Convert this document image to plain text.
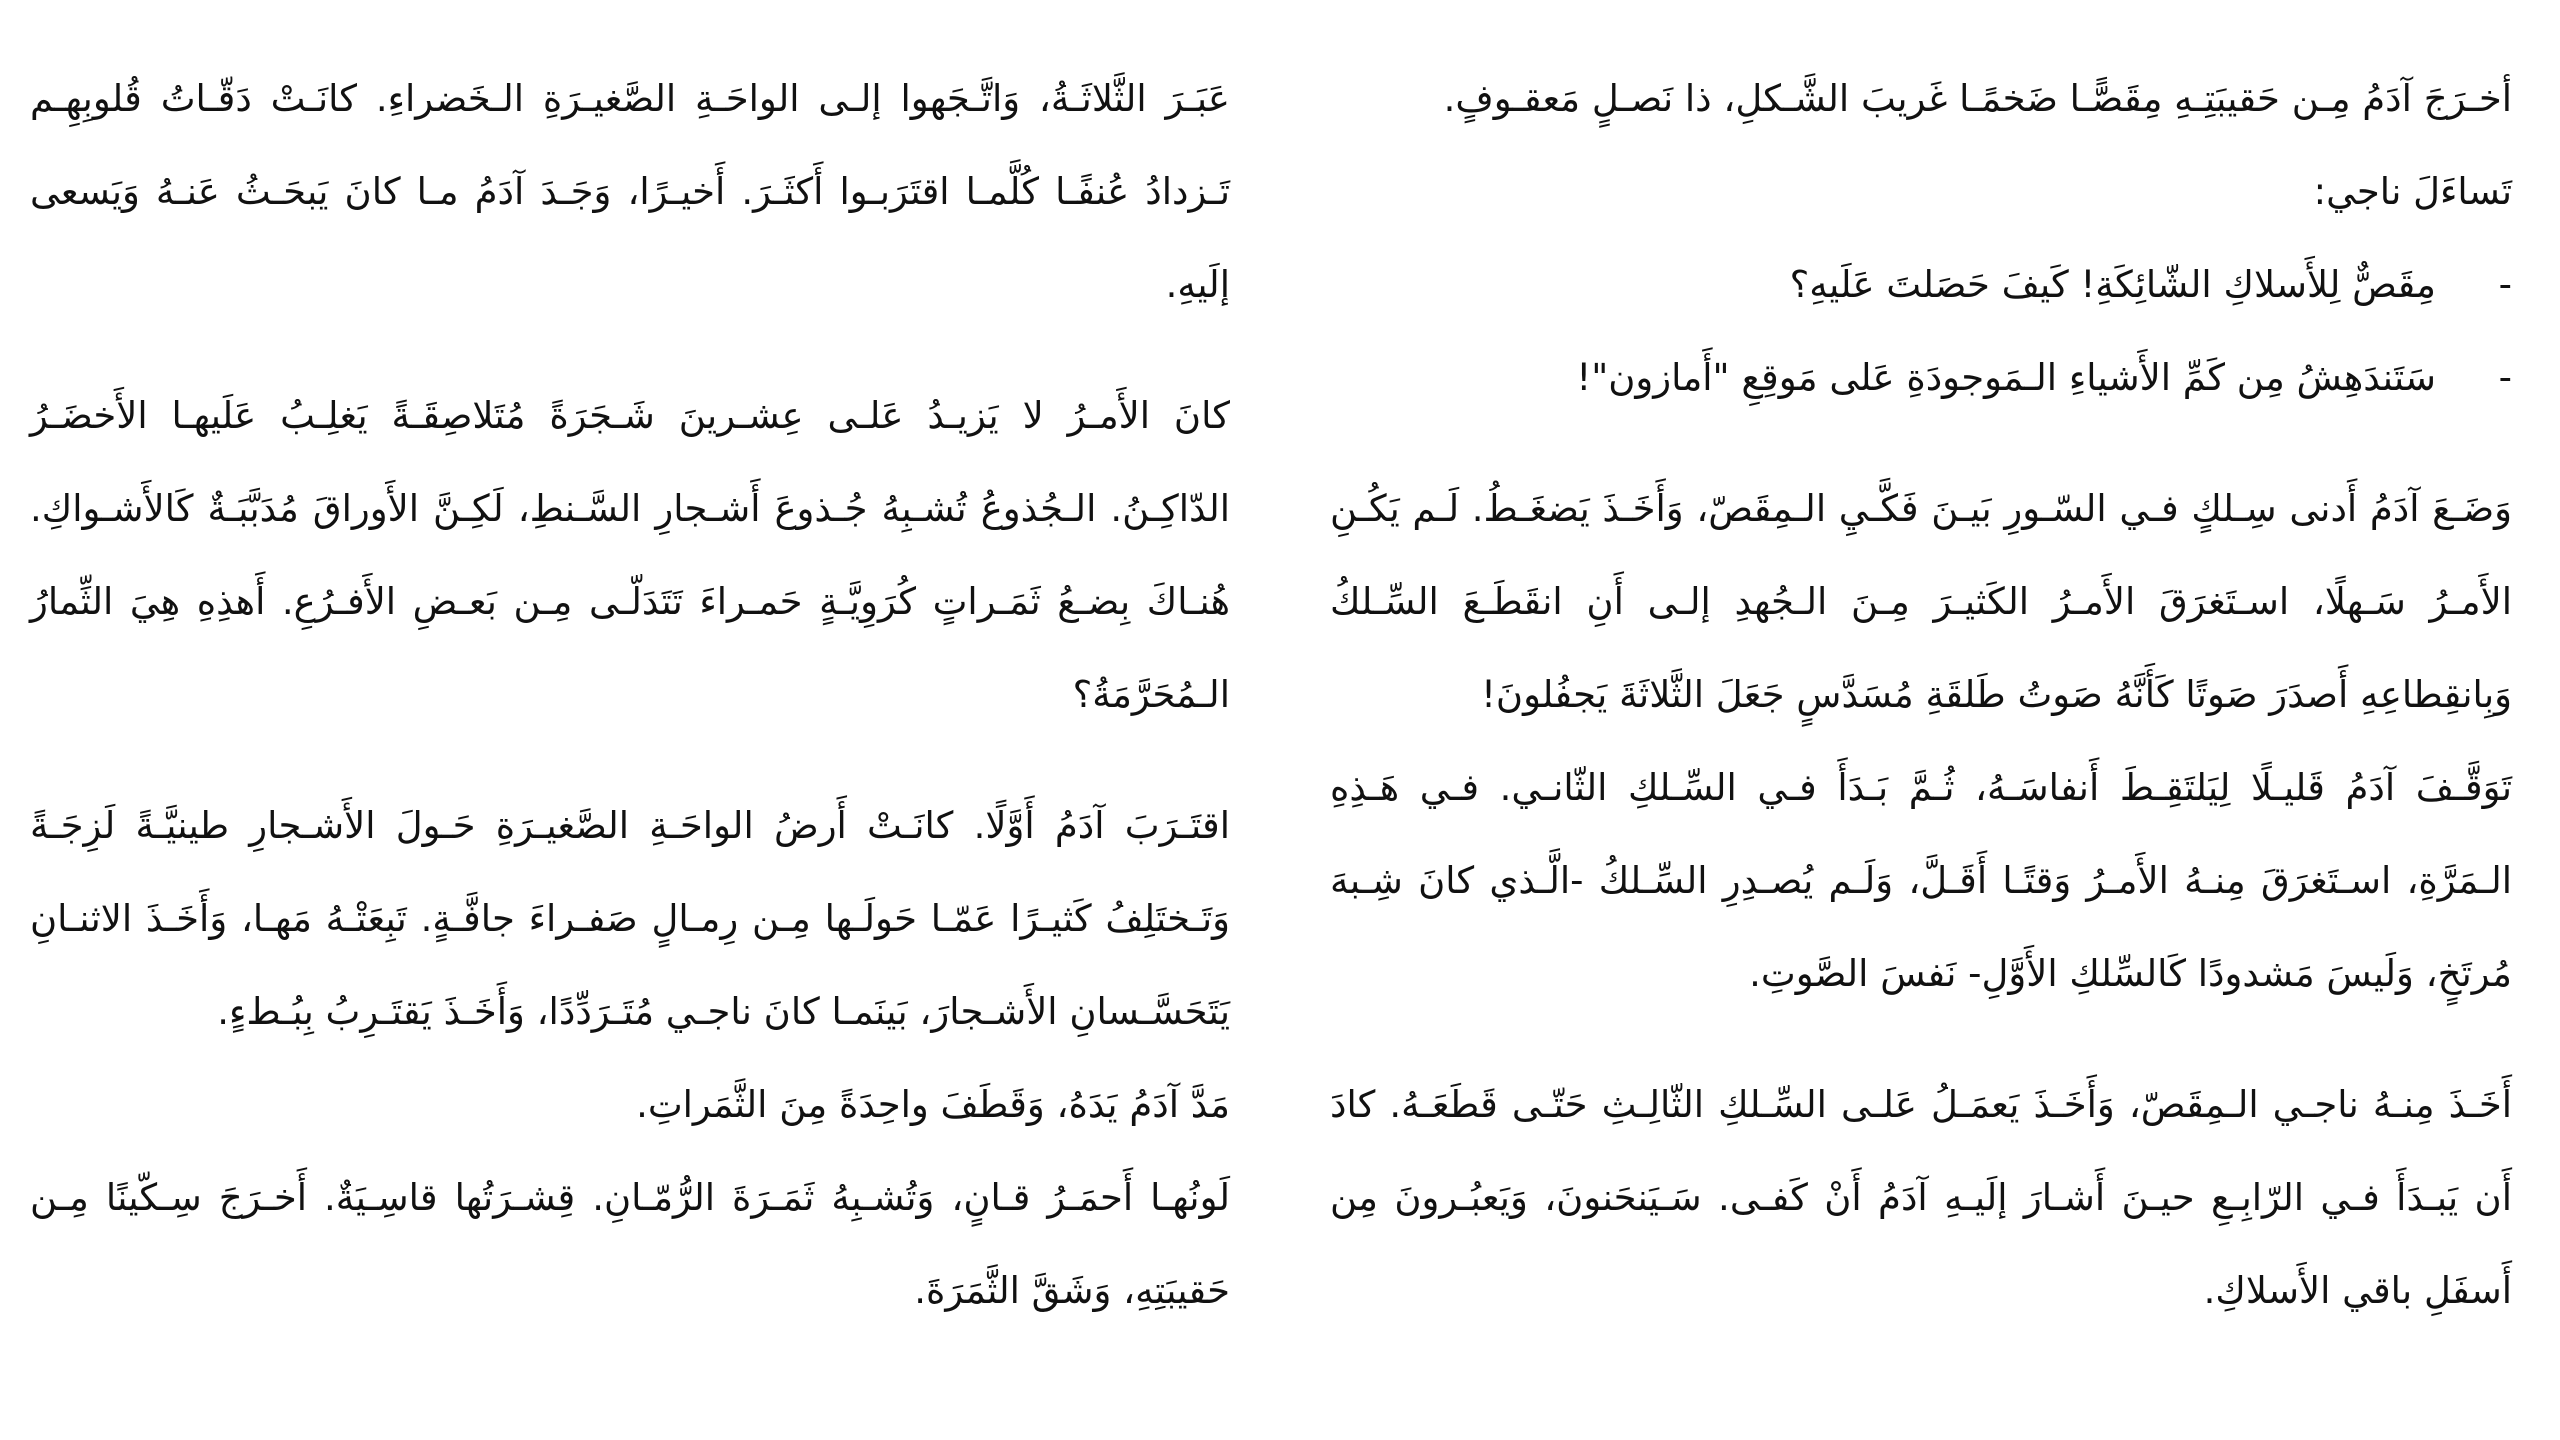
أخـرَجَ آدَمُ مِـن حَقيبَتِـهِ مِقَصًّـا ضَخمًـا غَريبَ الشَّـكلِ، ذا نَصـلٍ مَعقـوفٍ.

تَساءَلَ ناجي:

-
مِقَصٌّ لِلأَسلاكِ الشّائِكَةِ! كَيفَ حَصَلتَ عَلَيهِ؟

-
سَتَندَهِشُ مِن كَمِّ الأَشياءِ الـمَوجودَةِ عَلى مَوقِعِ "أَمازون"!

وَضَـعَ آدَمُ أَدنى سِـلكٍ فـي السّـورِ بَيـنَ فَكَّـيِ الـمِقَصّ، وَأَخَـذَ يَضغَـطُ. لَـم يَكُـنِ الأَمـرُ سَـهلًا، اسـتَغرَقَ الأَمـرُ الكَثيـرَ مِـنَ الـجُهدِ إلـى أَنِ انقَطَـعَ السِّـلكُ وَبِانقِطاعِهِ أَصدَرَ صَوتًا كَأَنَّهُ صَوتُ طَلقَةِ مُسَدَّسٍ جَعَلَ الثَّلاثَةَ يَجفُلونَ!

تَوَقَّـفَ آدَمُ قَليـلًا لِيَلتَقِـطَ أَنفاسَـهُ، ثُـمَّ بَـدَأَ فـي السِّـلكِ الثّانـي. فـي هَـذِهِ الـمَرَّةِ، اسـتَغرَقَ مِنـهُ الأَمـرُ وَقتًـا أَقَـلَّ، وَلَـم يُصـدِرِ السِّـلكُ -الَّـذي كانَ شِـبهَ مُرتَخٍ، وَلَيسَ مَشدودًا كَالسِّلكِ الأَوَّلِ- نَفسَ الصَّوتِ.

أَخَـذَ مِنـهُ ناجـي الـمِقَصّ، وَأَخَـذَ يَعمَـلُ عَلـى السِّـلكِ الثّالِـثِ حَتّـى قَطَعَـهُ. كادَ أَن يَبـدَأَ فـي الرّابِـعِ حيـنَ أَشـارَ إلَيـهِ آدَمُ أَنْ كَفـى. سَـيَنحَنونَ، وَيَعبُـرونَ مِن أَسفَلِ باقي الأَسلاكِ.

عَبَـرَ الثَّلاثَـةُ، وَاتَّـجَهوا إلـى الواحَـةِ الصَّغيـرَةِ الـخَضراءِ. كانَـتْ دَقّـاتُ قُلوبِهِـم تَـزدادُ عُنفًـا كُلَّمـا اقتَرَبـوا أَكثَـرَ. أَخيـرًا، وَجَـدَ آدَمُ مـا كانَ يَبحَـثُ عَنـهُ وَيَسعى إلَيهِ.

كانَ الأَمـرُ لا يَزيـدُ عَلـى عِشـرينَ شَـجَرَةً مُتَلاصِقَـةً يَغلِـبُ عَلَيهـا الأَخضَـرُ الدّاكِـنُ. الـجُذوعُ تُشـبِهُ جُـذوعَ أَشـجارِ السَّـنطِ، لَكِـنَّ الأَوراقَ مُدَبَّبَـةٌ كَالأَشـواكِ. هُنـاكَ بِضـعُ ثَمَـراتٍ كُرَوِيَّـةٍ حَمـراءَ تَتَدَلّـى مِـن بَعـضِ الأَفـرُعِ. أَهذِهِ هِيَ الثِّمارُ الـمُحَرَّمَةُ؟

اقتَـرَبَ آدَمُ أَوَّلًا. كانَـتْ أَرضُ الواحَـةِ الصَّغيـرَةِ حَـولَ الأَشـجارِ طينيَّـةً لَزِجَـةً وَتَـختَلِفُ كَثيـرًا عَمّـا حَولَـها مِـن رِمـالٍ صَفـراءَ جافَّـةٍ. تَبِعَتْـهُ مَهـا، وَأَخَـذَ الاثنـانِ يَتَحَسَّـسانِ الأَشـجارَ، بَينَمـا كانَ ناجـي مُتَـرَدِّدًا، وَأَخَـذَ يَقتَـرِبُ بِبُـطءٍ.

مَدَّ آدَمُ يَدَهُ، وَقَطَفَ واحِدَةً مِنَ الثَّمَراتِ.

لَونُهـا أَحمَـرُ قـانٍ، وَتُشـبِهُ ثَمَـرَةَ الرُّمّـانِ. قِشـرَتُها قاسِـيَةٌ. أَخـرَجَ سِـكّينًا مِـن حَقيبَتِهِ، وَشَقَّ الثَّمَرَةَ.
